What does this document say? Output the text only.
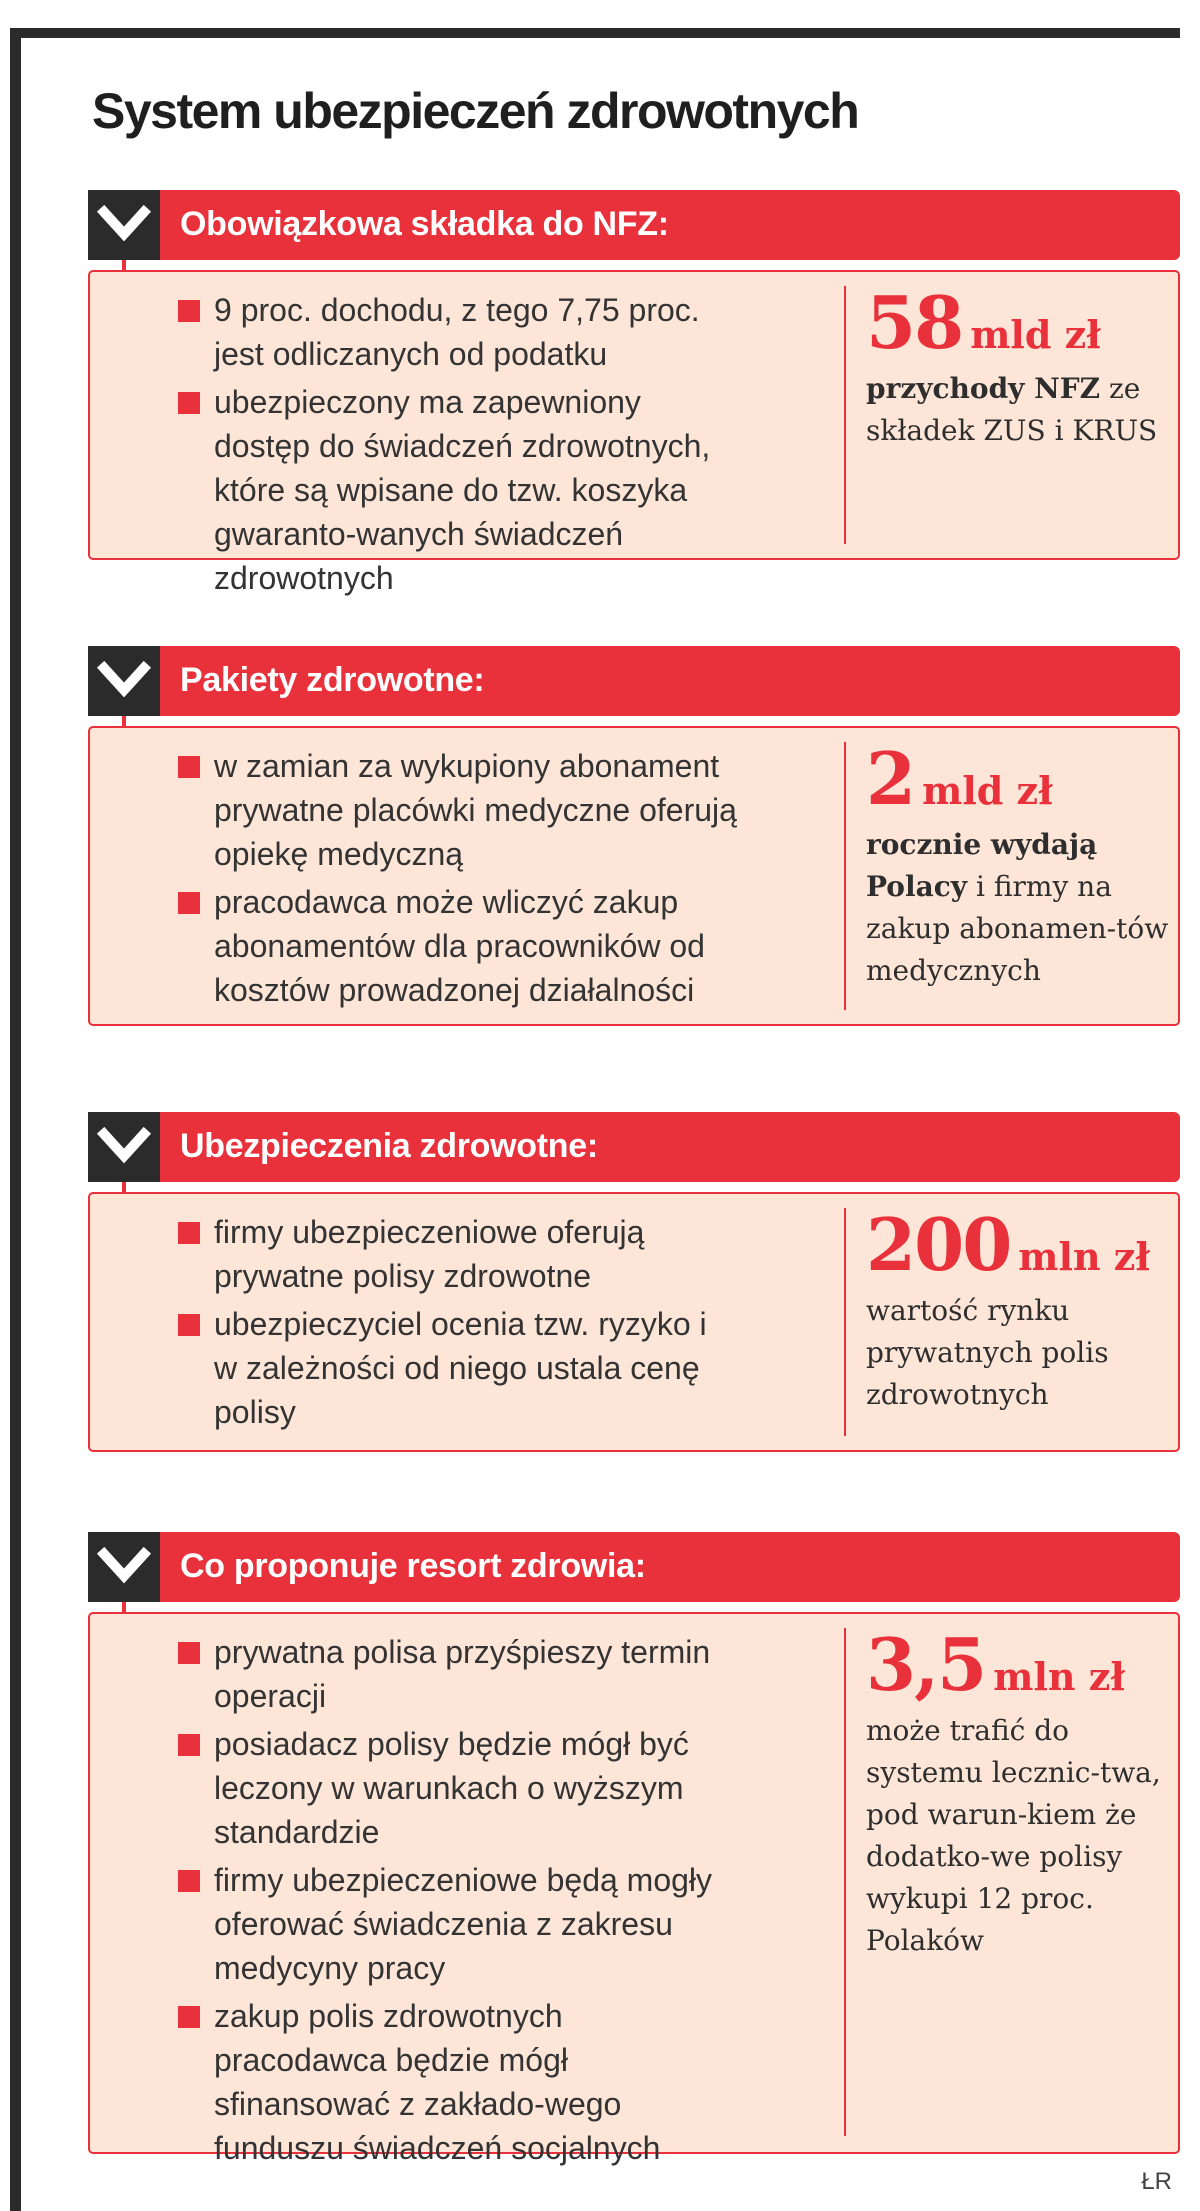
System ubezpieczeń zdrowotnych
Obowiązkowa składka do NFZ:
9 proc. dochodu, z tego 7,75 proc. jest odliczanych od podatku
ubezpieczony ma zapewniony dostęp do świadczeń zdrowotnych, które są wpisane do tzw. koszyka gwaranto-wanych świadczeń zdrowotnych
58 mld zł
przychody NFZ ze składek ZUS i KRUS
Pakiety zdrowotne:
w zamian za wykupiony abonament prywatne placówki medyczne oferują opiekę medyczną
pracodawca może wliczyć zakup abonamentów dla pracowników od kosztów prowadzonej działalności
2 mld zł
rocznie wydają Polacy i firmy na zakup abonamen-tów medycznych
Ubezpieczenia zdrowotne:
firmy ubezpieczeniowe oferują prywatne polisy zdrowotne
ubezpieczyciel ocenia tzw. ryzyko i w zależności od niego ustala cenę polisy
200 mln zł
wartość rynku prywatnych polis zdrowotnych
Co proponuje resort zdrowia:
prywatna polisa przyśpieszy termin operacji
posiadacz polisy będzie mógł być leczony w warunkach o wyższym standardzie
firmy ubezpieczeniowe będą mogły oferować świadczenia z zakresu medycyny pracy
zakup polis zdrowotnych pracodawca będzie mógł sfinansować z zakłado-wego funduszu świadczeń socjalnych
3,5 mln zł
może trafić do systemu lecznic-twa, pod warun-kiem że dodatko-we polisy wykupi 12 proc. Polaków
ŁR
